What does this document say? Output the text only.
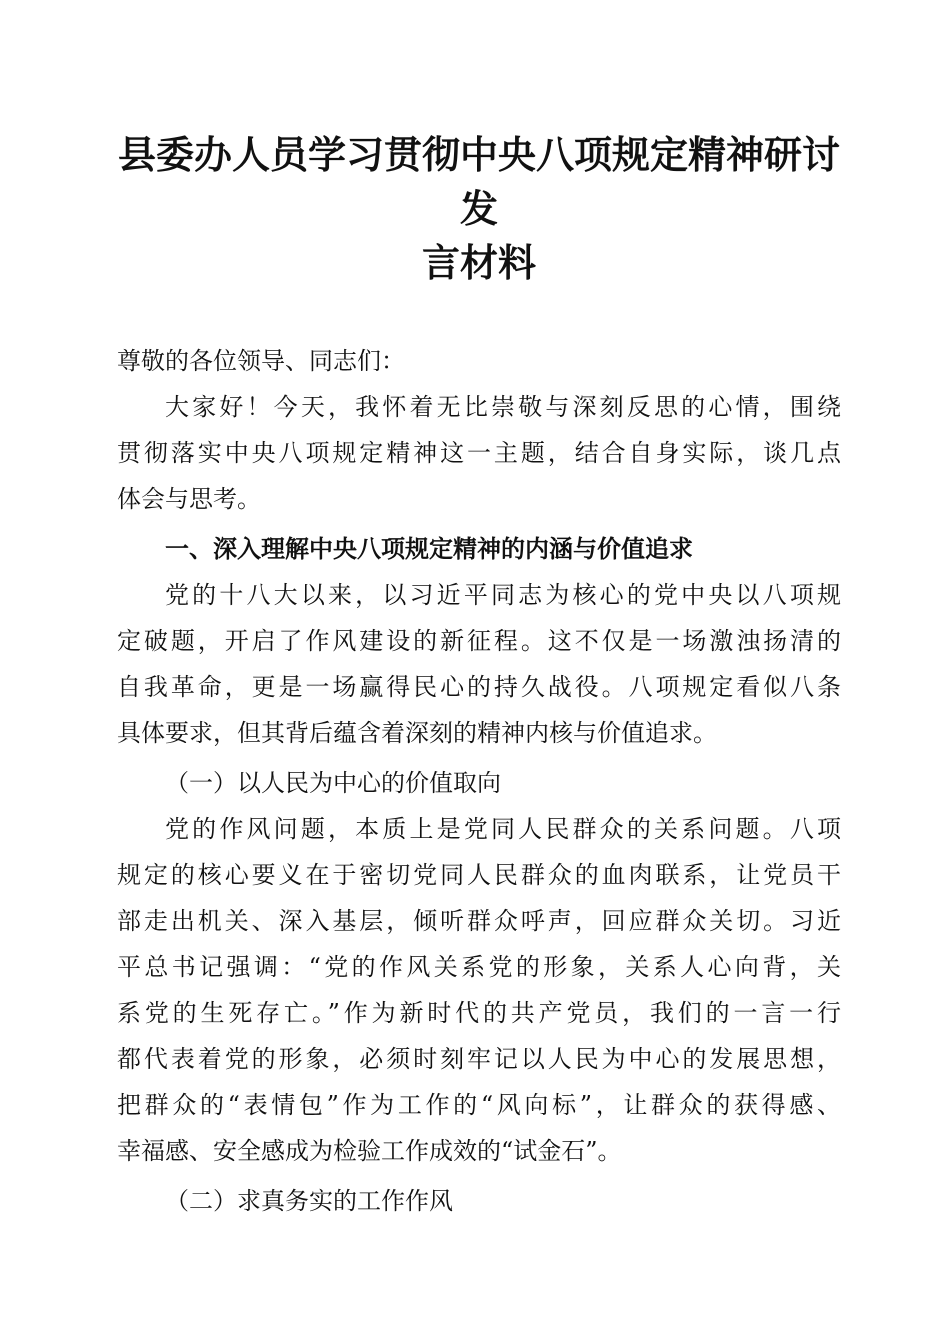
县委办人员学习贯彻中央八项规定精神研讨发
言材料

尊敬的各位领导、同志们：

大家好！今天，我怀着无比崇敬与深刻反思的心情，围绕
贯彻落实中央八项规定精神这一主题，结合自身实际，谈几点
体会与思考。

一、深入理解中央八项规定精神的内涵与价值追求

党的十八大以来，以习近平同志为核心的党中央以八项规
定破题，开启了作风建设的新征程。这不仅是一场激浊扬清的
自我革命，更是一场赢得民心的持久战役。八项规定看似八条
具体要求，但其背后蕴含着深刻的精神内核与价值追求。

（一）以人民为中心的价值取向

党的作风问题，本质上是党同人民群众的关系问题。八项
规定的核心要义在于密切党同人民群众的血肉联系，让党员干
部走出机关、深入基层，倾听群众呼声，回应群众关切。习近
平总书记强调：“党的作风关系党的形象，关系人心向背，关
系党的生死存亡。”作为新时代的共产党员，我们的一言一行
都代表着党的形象，必须时刻牢记以人民为中心的发展思想，
把群众的“表情包”作为工作的“风向标”，让群众的获得感、
幸福感、安全感成为检验工作成效的“试金石”。

（二）求真务实的工作作风
